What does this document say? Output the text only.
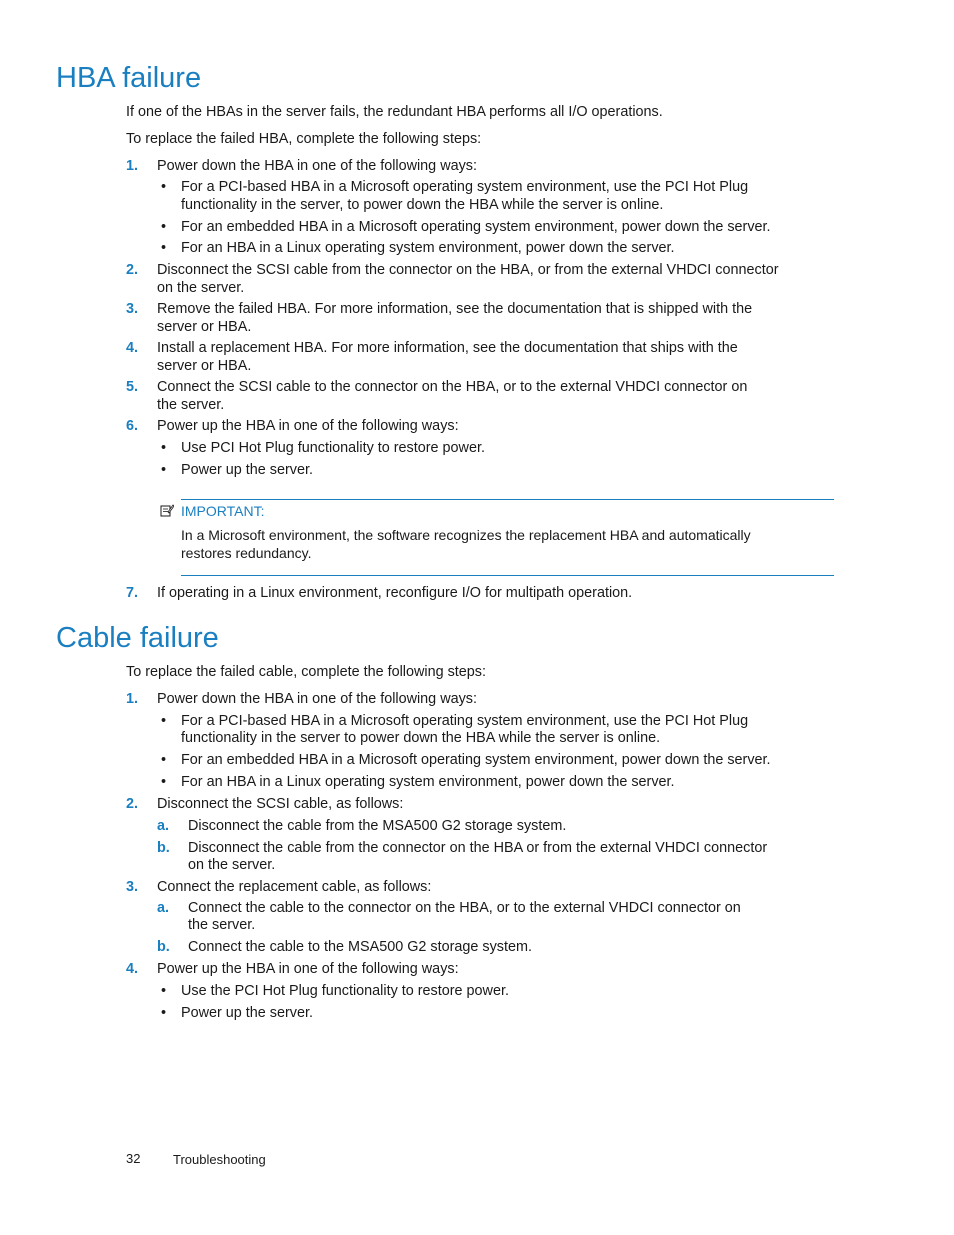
HBA failure
If one of the HBAs in the server fails, the redundant HBA performs all I/O operations.
To replace the failed HBA, complete the following steps:
1. Power down the HBA in one of the following ways:
• For a PCI-based HBA in a Microsoft operating system environment, use the PCI Hot Plug
functionality in the server, to power down the HBA while the server is online.
• For an embedded HBA in a Microsoft operating system environment, power down the server.
• For an HBA in a Linux operating system environment, power down the server.
2. Disconnect the SCSI cable from the connector on the HBA, or from the external VHDCI connector
on the server.
3. Remove the failed HBA. For more information, see the documentation that is shipped with the
server or HBA.
4. Install a replacement HBA. For more information, see the documentation that ships with the
server or HBA.
5. Connect the SCSI cable to the connector on the HBA, or to the external VHDCI connector on
the server.
6. Power up the HBA in one of the following ways:
• Use PCI Hot Plug functionality to restore power.
• Power up the server.
IMPORTANT:
In a Microsoft environment, the software recognizes the replacement HBA and automatically
restores redundancy.
7. If operating in a Linux environment, reconfigure I/O for multipath operation.
Cable failure
To replace the failed cable, complete the following steps:
1. Power down the HBA in one of the following ways:
• For a PCI-based HBA in a Microsoft operating system environment, use the PCI Hot Plug
functionality in the server to power down the HBA while the server is online.
• For an embedded HBA in a Microsoft operating system environment, power down the server.
• For an HBA in a Linux operating system environment, power down the server.
2. Disconnect the SCSI cable, as follows:
a. Disconnect the cable from the MSA500 G2 storage system.
b. Disconnect the cable from the connector on the HBA or from the external VHDCI connector
on the server.
3. Connect the replacement cable, as follows:
a. Connect the cable to the connector on the HBA, or to the external VHDCI connector on
the server.
b. Connect the cable to the MSA500 G2 storage system.
4. Power up the HBA in one of the following ways:
• Use the PCI Hot Plug functionality to restore power.
• Power up the server.
32	Troubleshooting
